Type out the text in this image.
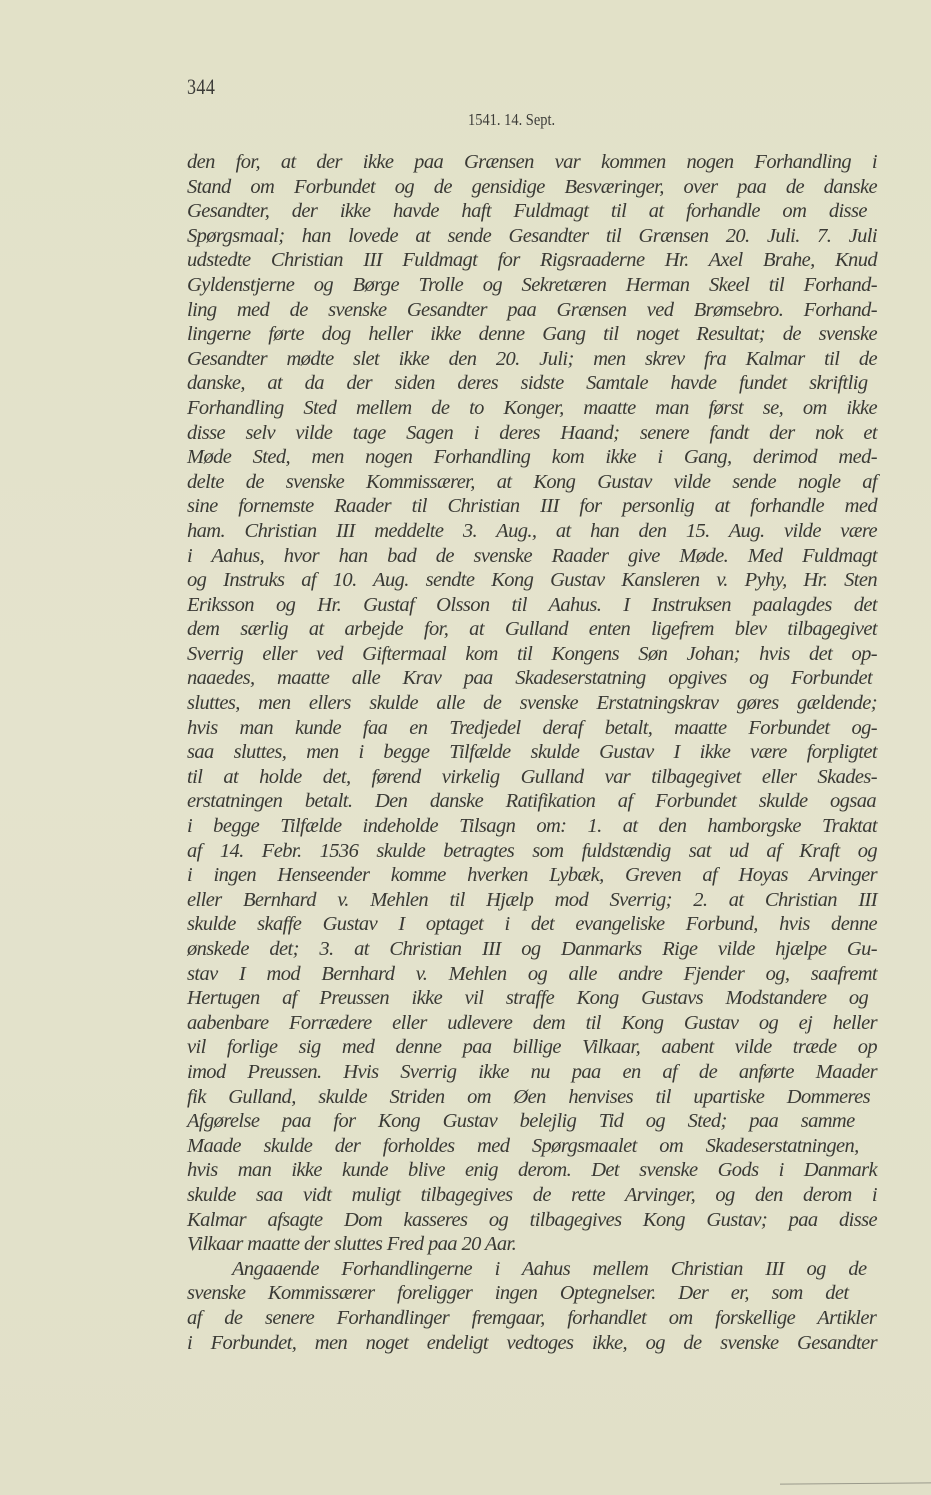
344
1541. 14. Sept.
den for, at der ikke paa Grænsen var kommen nogen Forhandling i
Stand om Forbundet og de gensidige Besværinger, over paa de danske
Gesandter, der ikke havde haft Fuldmagt til at forhandle om disse
Spørgsmaal; han lovede at sende Gesandter til Grænsen 20. Juli. 7. Juli
udstedte Christian III Fuldmagt for Rigsraaderne Hr. Axel Brahe, Knud
Gyldenstjerne og Børge Trolle og Sekretæren Herman Skeel til Forhand-
ling med de svenske Gesandter paa Grænsen ved Brømsebro. Forhand-
lingerne førte dog heller ikke denne Gang til noget Resultat; de svenske
Gesandter mødte slet ikke den 20. Juli; men skrev fra Kalmar til de
danske, at da der siden deres sidste Samtale havde fundet skriftlig
Forhandling Sted mellem de to Konger, maatte man først se, om ikke
disse selv vilde tage Sagen i deres Haand; senere fandt der nok et
Møde Sted, men nogen Forhandling kom ikke i Gang, derimod med-
delte de svenske Kommissærer, at Kong Gustav vilde sende nogle af
sine fornemste Raader til Christian III for personlig at forhandle med
ham. Christian III meddelte 3. Aug., at han den 15. Aug. vilde være
i Aahus, hvor han bad de svenske Raader give Møde. Med Fuldmagt
og Instruks af 10. Aug. sendte Kong Gustav Kansleren v. Pyhy, Hr. Sten
Eriksson og Hr. Gustaf Olsson til Aahus. I Instruksen paalagdes det
dem særlig at arbejde for, at Gulland enten ligefrem blev tilbagegivet
Sverrig eller ved Giftermaal kom til Kongens Søn Johan; hvis det op-
naaedes, maatte alle Krav paa Skadeserstatning opgives og Forbundet
sluttes, men ellers skulde alle de svenske Erstatningskrav gøres gældende;
hvis man kunde faa en Tredjedel deraf betalt, maatte Forbundet og-
saa sluttes, men i begge Tilfælde skulde Gustav I ikke være forpligtet
til at holde det, førend virkelig Gulland var tilbagegivet eller Skades-
erstatningen betalt. Den danske Ratifikation af Forbundet skulde ogsaa
i begge Tilfælde indeholde Tilsagn om: 1. at den hamborgske Traktat
af 14. Febr. 1536 skulde betragtes som fuldstændig sat ud af Kraft og
i ingen Henseender komme hverken Lybæk, Greven af Hoyas Arvinger
eller Bernhard v. Mehlen til Hjælp mod Sverrig; 2. at Christian III
skulde skaffe Gustav I optaget i det evangeliske Forbund, hvis denne
ønskede det; 3. at Christian III og Danmarks Rige vilde hjælpe Gu-
stav I mod Bernhard v. Mehlen og alle andre Fjender og, saafremt
Hertugen af Preussen ikke vil straffe Kong Gustavs Modstandere og
aabenbare Forrædere eller udlevere dem til Kong Gustav og ej heller
vil forlige sig med denne paa billige Vilkaar, aabent vilde træde op
imod Preussen. Hvis Sverrig ikke nu paa en af de anførte Maader
fik Gulland, skulde Striden om Øen henvises til upartiske Dommeres
Afgørelse paa for Kong Gustav belejlig Tid og Sted; paa samme
Maade skulde der forholdes med Spørgsmaalet om Skadeserstatningen,
hvis man ikke kunde blive enig derom. Det svenske Gods i Danmark
skulde saa vidt muligt tilbagegives de rette Arvinger, og den derom i
Kalmar afsagte Dom kasseres og tilbagegives Kong Gustav; paa disse
Vilkaar maatte der sluttes Fred paa 20 Aar.
Angaaende Forhandlingerne i Aahus mellem Christian III og de
svenske Kommissærer foreligger ingen Optegnelser. Der er, som det
af de senere Forhandlinger fremgaar, forhandlet om forskellige Artikler
i Forbundet, men noget endeligt vedtoges ikke, og de svenske Gesandter
